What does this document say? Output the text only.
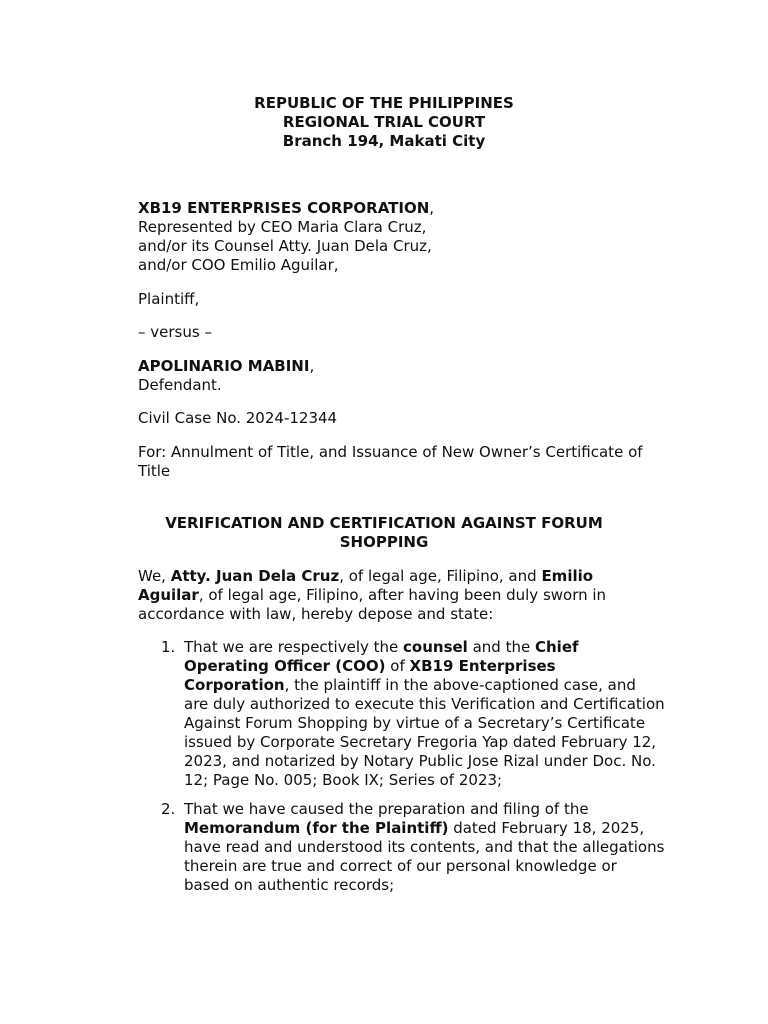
REPUBLIC OF THE PHILIPPINES
REGIONAL TRIAL COURT
Branch 194, Makati City
XB19 ENTERPRISES CORPORATION,
Represented by CEO Maria Clara Cruz,
and/or its Counsel Atty. Juan Dela Cruz,
and/or COO Emilio Aguilar,
Plaintiff,
– versus –
APOLINARIO MABINI,
Defendant.
Civil Case No. 2024-12344
For: Annulment of Title, and Issuance of New Owner’s Certificate of
Title
VERIFICATION AND CERTIFICATION AGAINST FORUM
SHOPPING
We, Atty. Juan Dela Cruz, of legal age, Filipino, and Emilio
Aguilar, of legal age, Filipino, after having been duly sworn in
accordance with law, hereby depose and state:
1. That we are respectively the counsel and the Chief
Operating Officer (COO) of XB19 Enterprises
Corporation, the plaintiff in the above-captioned case, and
are duly authorized to execute this Verification and Certification
Against Forum Shopping by virtue of a Secretary’s Certificate
issued by Corporate Secretary Fregoria Yap dated February 12,
2023, and notarized by Notary Public Jose Rizal under Doc. No.
12; Page No. 005; Book IX; Series of 2023;
2. That we have caused the preparation and filing of the
Memorandum (for the Plaintiff) dated February 18, 2025,
have read and understood its contents, and that the allegations
therein are true and correct of our personal knowledge or
based on authentic records;
